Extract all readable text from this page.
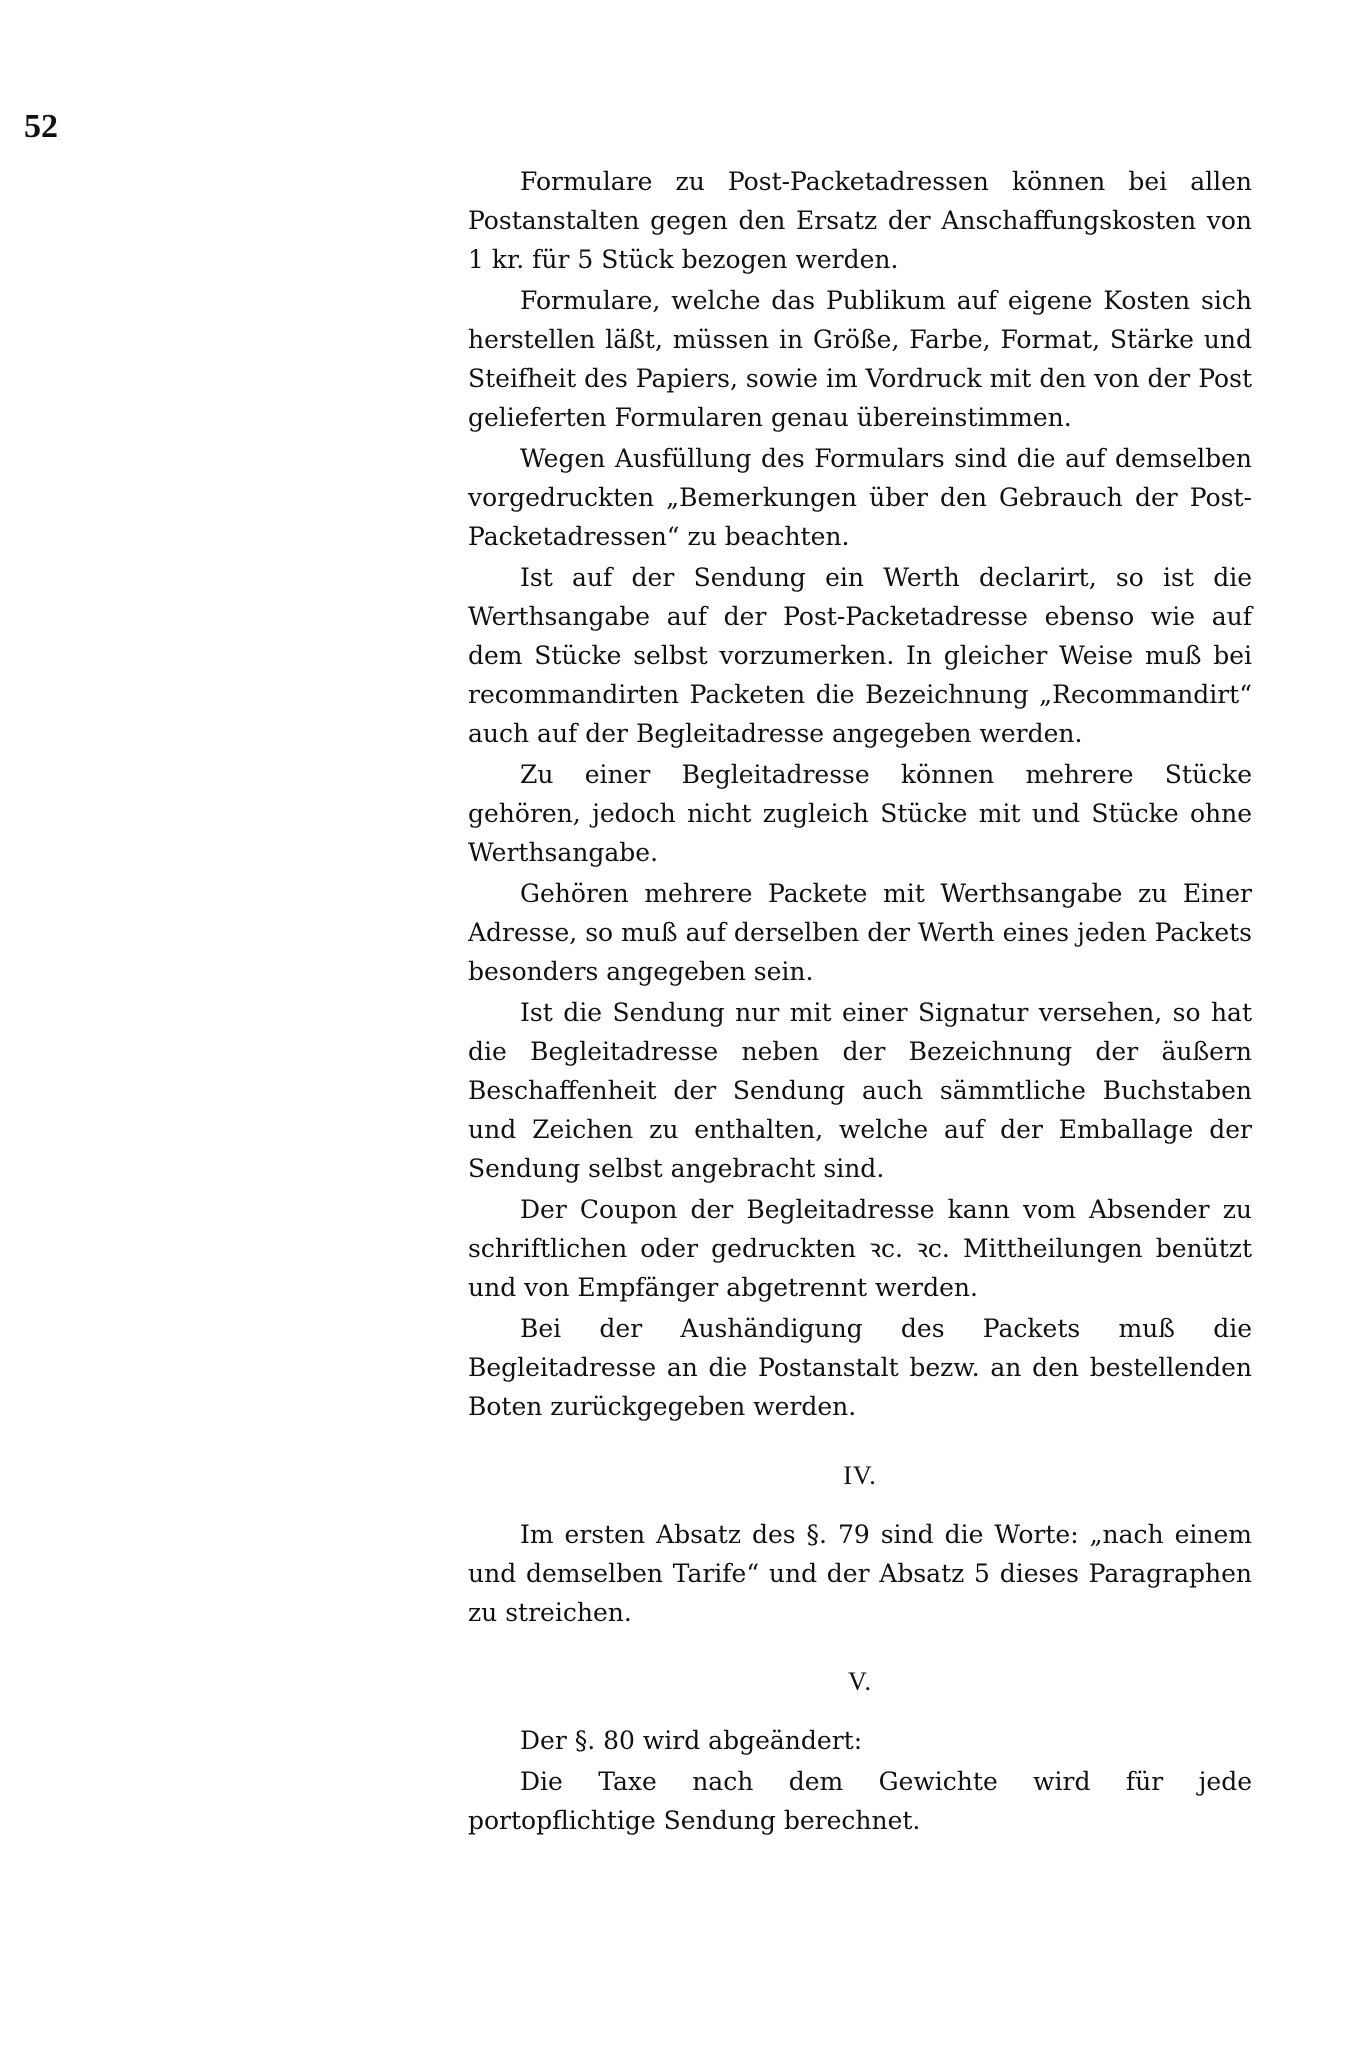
52

Formulare zu Post-Packetadressen können bei allen Postanstalten gegen den Ersatz der Anschaffungskosten von 1 kr. für 5 Stück bezogen werden.

Formulare, welche das Publikum auf eigene Kosten sich herstellen läßt, müssen in Größe, Farbe, Format, Stärke und Steifheit des Papiers, sowie im Vordruck mit den von der Post gelieferten Formularen genau übereinstimmen.

Wegen Ausfüllung des Formulars sind die auf demselben vorgedruckten „Bemerkungen über den Gebrauch der Post-Packetadressen“ zu beachten.

Ist auf der Sendung ein Werth declarirt, so ist die Werthsangabe auf der Post-Packetadresse ebenso wie auf dem Stücke selbst vorzumerken. In gleicher Weise muß bei recommandirten Packeten die Bezeichnung „Recommandirt“ auch auf der Begleitadresse angegeben werden.

Zu einer Begleitadresse können mehrere Stücke gehören, jedoch nicht zugleich Stücke mit und Stücke ohne Werthsangabe.

Gehören mehrere Packete mit Werthsangabe zu Einer Adresse, so muß auf derselben der Werth eines jeden Packets besonders angegeben sein.

Ist die Sendung nur mit einer Signatur versehen, so hat die Begleitadresse neben der Bezeichnung der äußern Beschaffenheit der Sendung auch sämmtliche Buchstaben und Zeichen zu enthalten, welche auf der Emballage der Sendung selbst angebracht sind.

Der Coupon der Begleitadresse kann vom Absender zu schriftlichen oder gedruckten ꝛc. ꝛc. Mittheilungen benützt und von Empfänger abgetrennt werden.

Bei der Aushändigung des Packets muß die Begleitadresse an die Postanstalt bezw. an den bestellenden Boten zurückgegeben werden.

IV.

Im ersten Absatz des §. 79 sind die Worte: „nach einem und demselben Tarife“ und der Absatz 5 dieses Paragraphen zu streichen.

V.

Der §. 80 wird abgeändert:

Die Taxe nach dem Gewichte wird für jede portopflichtige Sendung berechnet.
